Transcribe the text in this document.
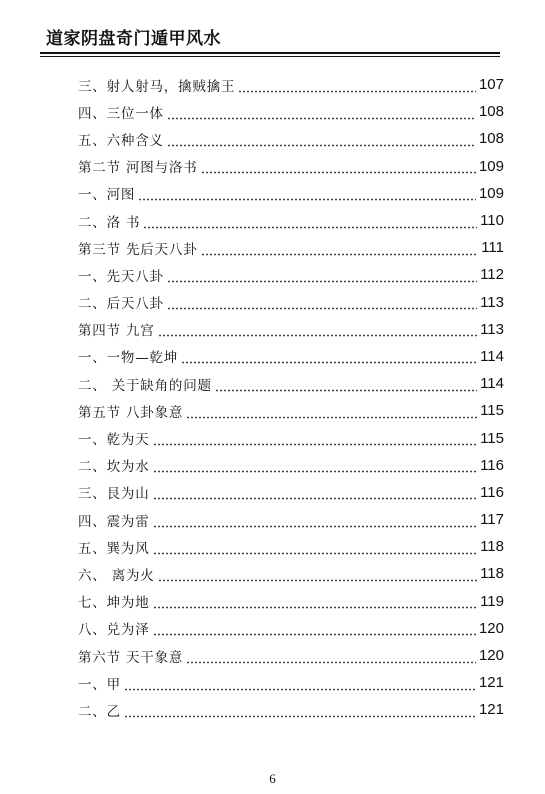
道家阴盘奇门遁甲风水
三、射人射马，擒贼擒王	107
四、三位一体	108
五、六种含义	108
第二节 河图与洛书	109
一、河图	109
二、洛 书	110
第三节 先后天八卦	111
一、先天八卦	112
二、后天八卦	113
第四节 九宫	113
一、一物—乾坤	114
二、 关于缺角的问题	114
第五节 八卦象意	115
一、乾为天	115
二、坎为水	116
三、艮为山	116
四、震为雷	117
五、巽为风	118
六、 离为火	118
七、坤为地	119
八、兑为泽	120
第六节 天干象意	120
一、甲	121
二、乙	121
6
